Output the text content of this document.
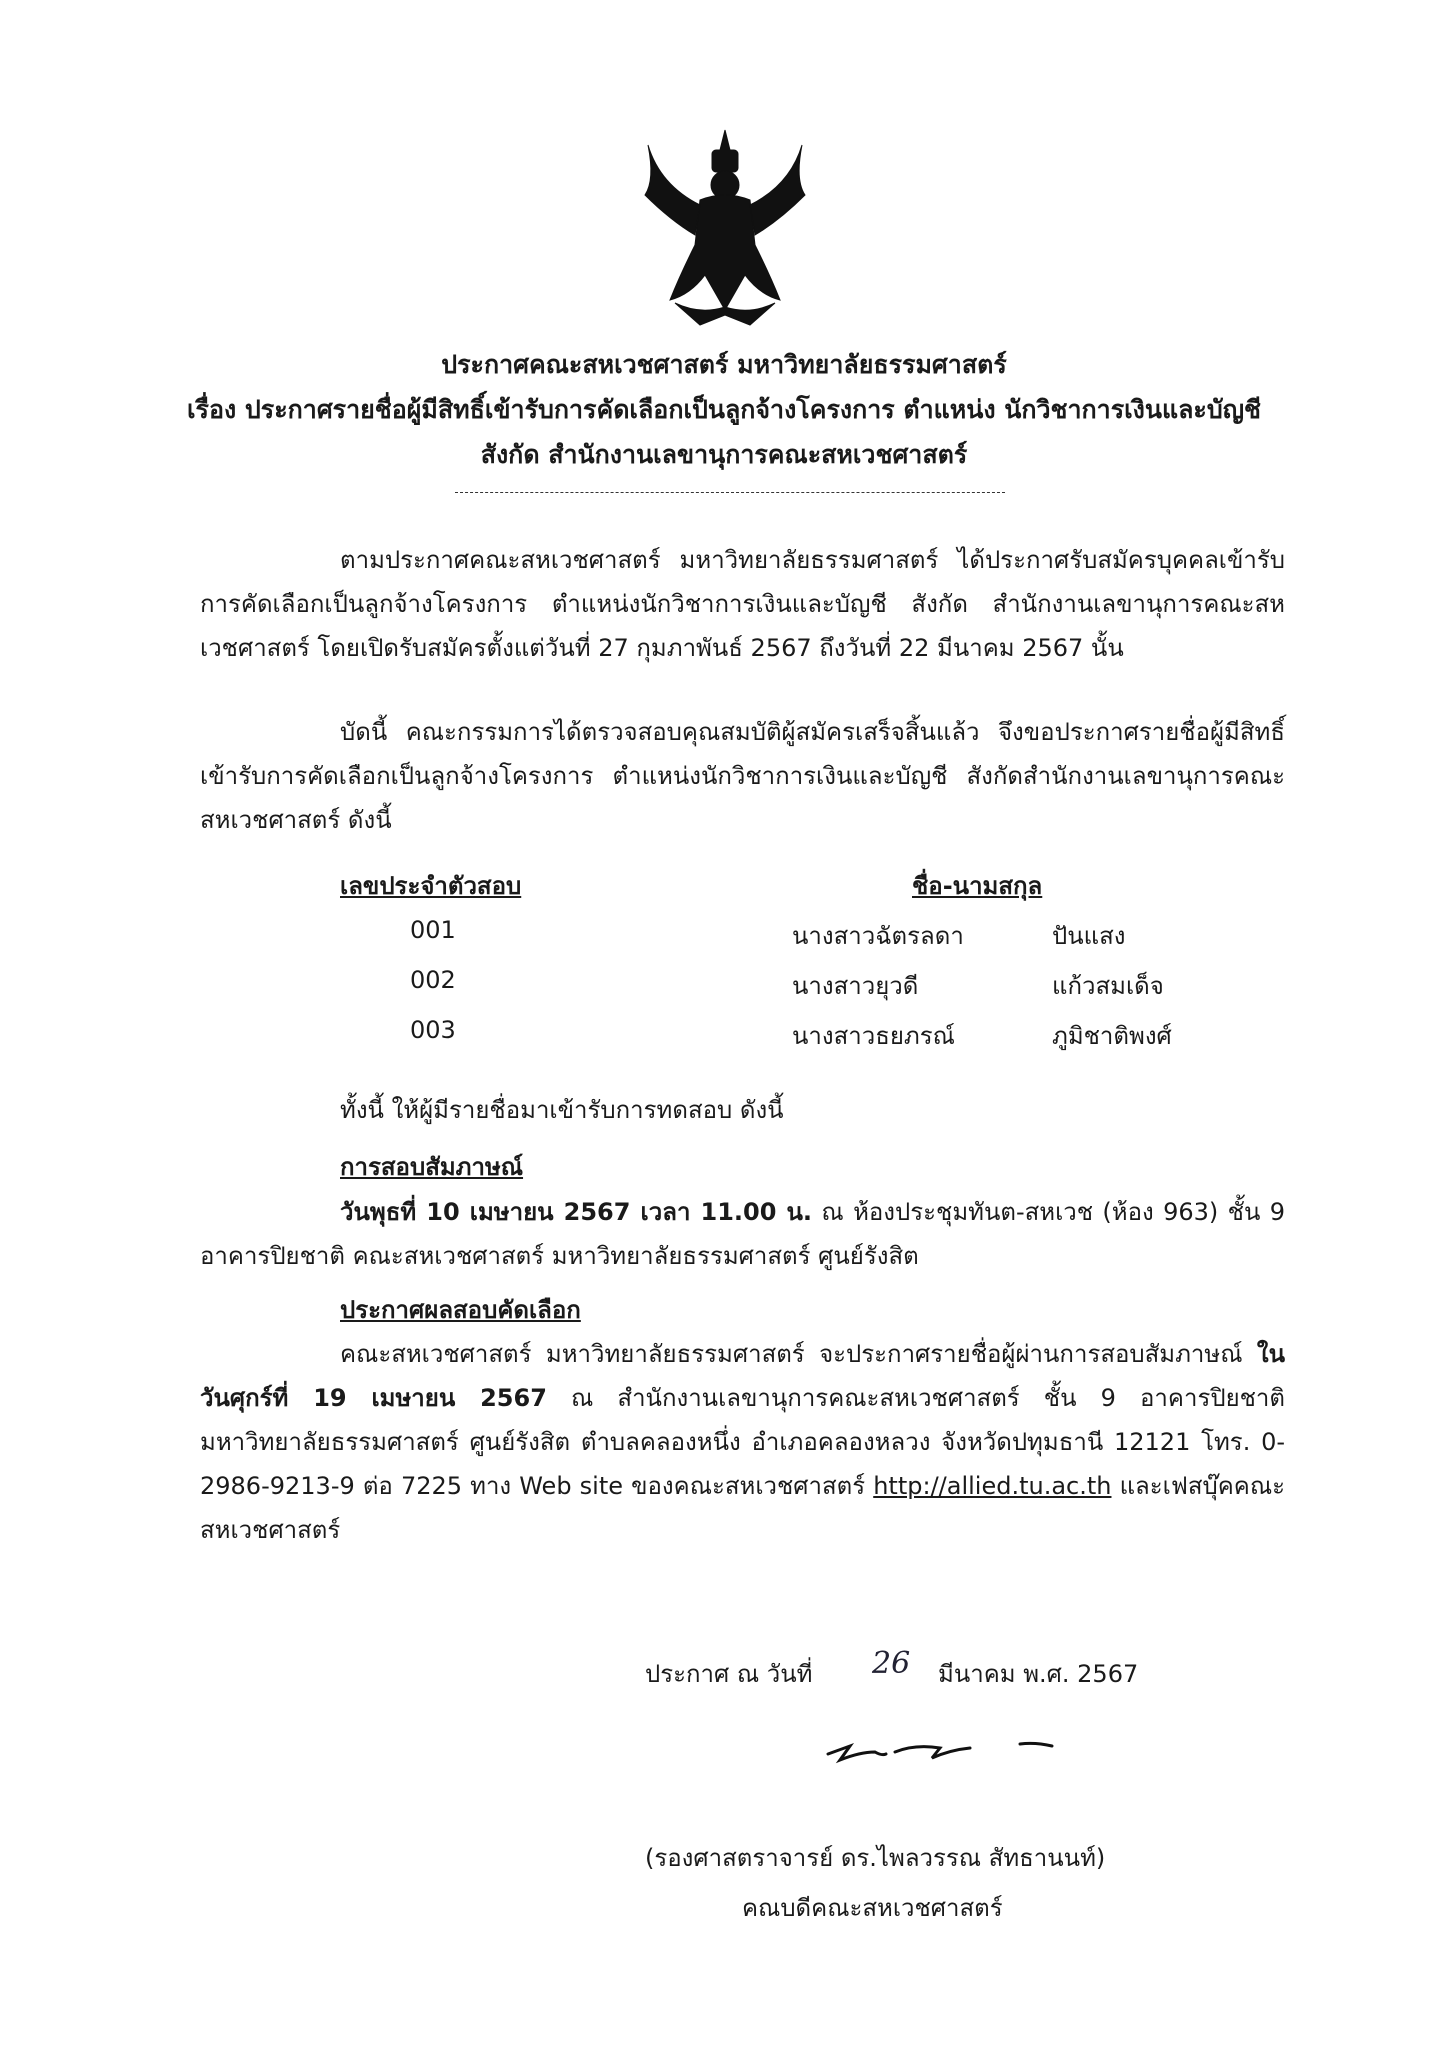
ประกาศคณะสหเวชศาสตร์ มหาวิทยาลัยธรรมศาสตร์
เรื่อง ประกาศรายชื่อผู้มีสิทธิ์เข้ารับการคัดเลือกเป็นลูกจ้างโครงการ ตำแหน่ง นักวิชาการเงินและบัญชี
สังกัด สำนักงานเลขานุการคณะสหเวชศาสตร์
ตามประกาศคณะสหเวชศาสตร์ มหาวิทยาลัยธรรมศาสตร์ ได้ประกาศรับสมัครบุคคลเข้ารับการคัดเลือกเป็นลูกจ้างโครงการ ตำแหน่งนักวิชาการเงินและบัญชี สังกัด สำนักงานเลขานุการคณะสหเวชศาสตร์ โดยเปิดรับสมัครตั้งแต่วันที่ 27 กุมภาพันธ์ 2567 ถึงวันที่ 22 มีนาคม 2567 นั้น
บัดนี้ คณะกรรมการได้ตรวจสอบคุณสมบัติผู้สมัครเสร็จสิ้นแล้ว จึงขอประกาศรายชื่อผู้มีสิทธิ์เข้ารับการคัดเลือกเป็นลูกจ้างโครงการ ตำแหน่งนักวิชาการเงินและบัญชี สังกัดสำนักงานเลขานุการคณะสหเวชศาสตร์ ดังนี้
เลขประจำตัวสอบ	ชื่อ-นามสกุล
001	นางสาวฉัตรลดา	ปันแสง
002	นางสาวยุวดี	แก้วสมเด็จ
003	นางสาวธยภรณ์	ภูมิชาติพงศ์
ทั้งนี้ ให้ผู้มีรายชื่อมาเข้ารับการทดสอบ ดังนี้
การสอบสัมภาษณ์
วันพุธที่ 10 เมษายน 2567 เวลา 11.00 น. ณ ห้องประชุมทันต-สหเวช (ห้อง 963) ชั้น 9 อาคารปิยชาติ คณะสหเวชศาสตร์ มหาวิทยาลัยธรรมศาสตร์ ศูนย์รังสิต
ประกาศผลสอบคัดเลือก
คณะสหเวชศาสตร์ มหาวิทยาลัยธรรมศาสตร์ จะประกาศรายชื่อผู้ผ่านการสอบสัมภาษณ์ ในวันศุกร์ที่ 19 เมษายน 2567 ณ สำนักงานเลขานุการคณะสหเวชศาสตร์ ชั้น 9 อาคารปิยชาติ มหาวิทยาลัยธรรมศาสตร์ ศูนย์รังสิต ตำบลคลองหนึ่ง อำเภอคลองหลวง จังหวัดปทุมธานี 12121 โทร. 0-2986-9213-9 ต่อ 7225 ทาง Web site ของคณะสหเวชศาสตร์ http://allied.tu.ac.th และเฟสบุ๊คคณะสหเวชศาสตร์
ประกาศ ณ วันที่ 26 มีนาคม พ.ศ. 2567
(รองศาสตราจารย์ ดร.ไพลวรรณ สัทธานนท์)
คณบดีคณะสหเวชศาสตร์
